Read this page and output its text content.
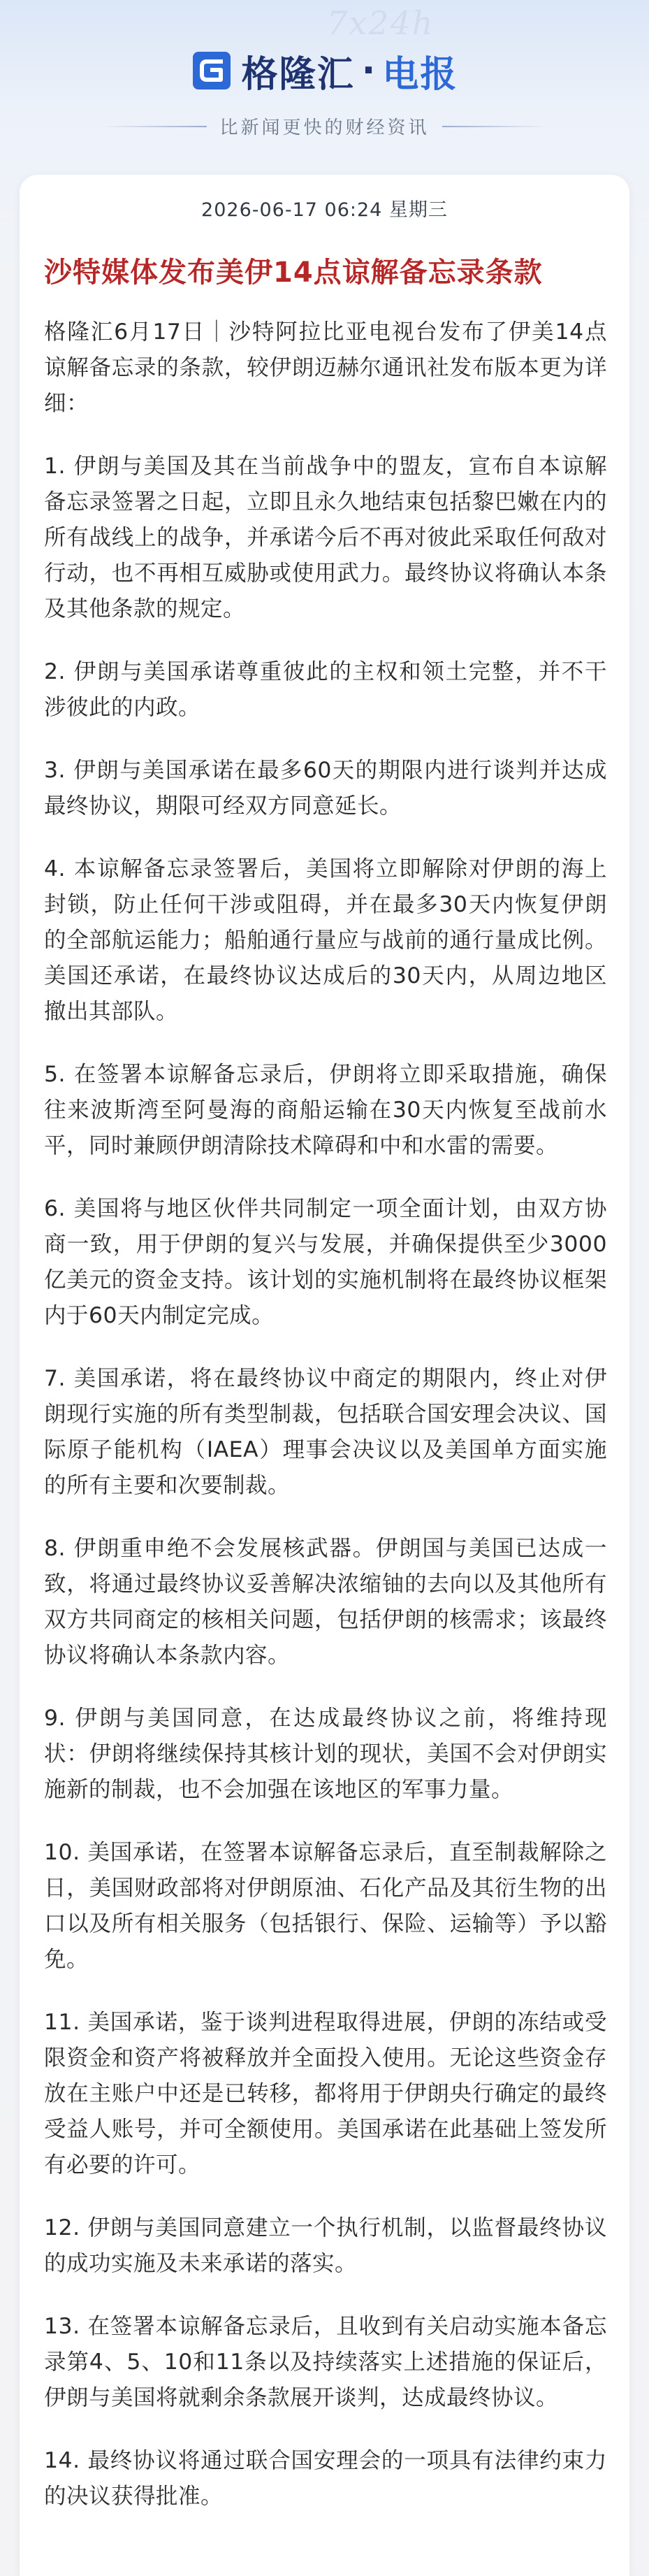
7x24h
格隆汇 · 电报
比新闻更快的财经资讯
2026-06-17 06:24 星期三
沙特媒体发布美伊14点谅解备忘录条款

格隆汇6月17日｜沙特阿拉比亚电视台发布了伊美14点谅解备忘录的条款，较伊朗迈赫尔通讯社发布版本更为详细：

1. 伊朗与美国及其在当前战争中的盟友，宣布自本谅解备忘录签署之日起，立即且永久地结束包括黎巴嫩在内的所有战线上的战争，并承诺今后不再对彼此采取任何敌对行动，也不再相互威胁或使用武力。最终协议将确认本条及其他条款的规定。

2. 伊朗与美国承诺尊重彼此的主权和领土完整，并不干涉彼此的内政。

3. 伊朗与美国承诺在最多60天的期限内进行谈判并达成最终协议，期限可经双方同意延长。

4. 本谅解备忘录签署后，美国将立即解除对伊朗的海上封锁，防止任何干涉或阻碍，并在最多30天内恢复伊朗的全部航运能力；船舶通行量应与战前的通行量成比例。美国还承诺，在最终协议达成后的30天内，从周边地区撤出其部队。

5. 在签署本谅解备忘录后，伊朗将立即采取措施，确保往来波斯湾至阿曼海的商船运输在30天内恢复至战前水平，同时兼顾伊朗清除技术障碍和中和水雷的需要。

6. 美国将与地区伙伴共同制定一项全面计划，由双方协商一致，用于伊朗的复兴与发展，并确保提供至少3000亿美元的资金支持。该计划的实施机制将在最终协议框架内于60天内制定完成。

7. 美国承诺，将在最终协议中商定的期限内，终止对伊朗现行实施的所有类型制裁，包括联合国安理会决议、国际原子能机构（IAEA）理事会决议以及美国单方面实施的所有主要和次要制裁。

8. 伊朗重申绝不会发展核武器。伊朗国与美国已达成一致，将通过最终协议妥善解决浓缩铀的去向以及其他所有双方共同商定的核相关问题，包括伊朗的核需求；该最终协议将确认本条款内容。

9. 伊朗与美国同意，在达成最终协议之前，将维持现状：伊朗将继续保持其核计划的现状，美国不会对伊朗实施新的制裁，也不会加强在该地区的军事力量。

10. 美国承诺，在签署本谅解备忘录后，直至制裁解除之日，美国财政部将对伊朗原油、石化产品及其衍生物的出口以及所有相关服务（包括银行、保险、运输等）予以豁免。

11. 美国承诺，鉴于谈判进程取得进展，伊朗的冻结或受限资金和资产将被释放并全面投入使用。无论这些资金存放在主账户中还是已转移，都将用于伊朗央行确定的最终受益人账号，并可全额使用。美国承诺在此基础上签发所有必要的许可。

12. 伊朗与美国同意建立一个执行机制，以监督最终协议的成功实施及未来承诺的落实。

13. 在签署本谅解备忘录后，且收到有关启动实施本备忘录第4、5、10和11条以及持续落实上述措施的保证后，伊朗与美国将就剩余条款展开谈判，达成最终协议。

14. 最终协议将通过联合国安理会的一项具有法律约束力的决议获得批准。
